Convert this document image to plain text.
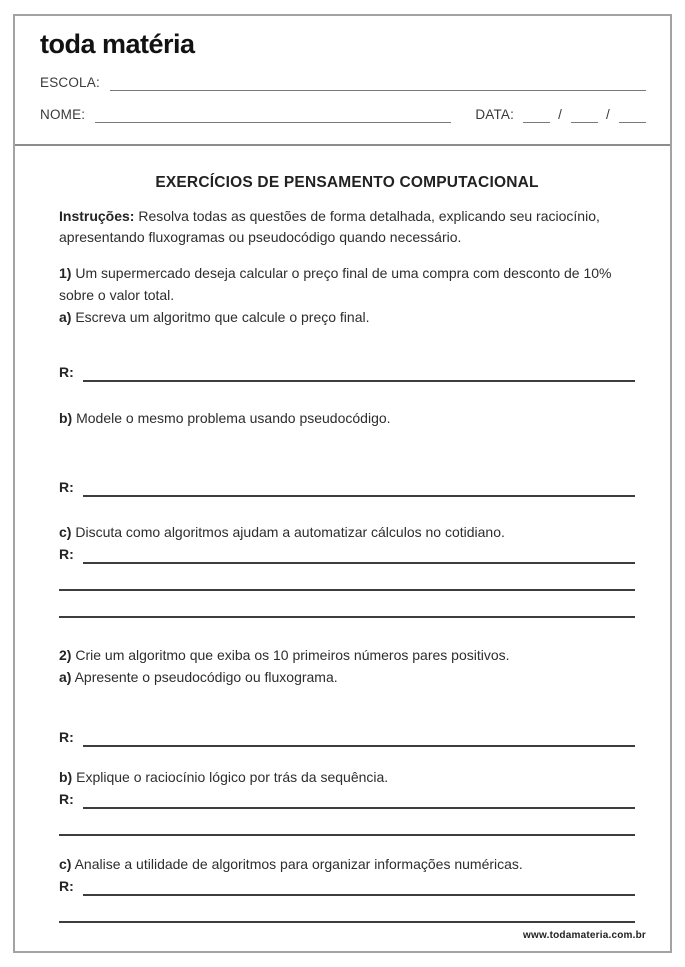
toda matéria
ESCOLA:
NOME:	DATA:	/	/
EXERCÍCIOS DE PENSAMENTO COMPUTACIONAL

Instruções: Resolva todas as questões de forma detalhada, explicando seu raciocínio, apresentando fluxogramas ou pseudocódigo quando necessário.

1) Um supermercado deseja calcular o preço final de uma compra com desconto de 10% sobre o valor total.
a) Escreva um algoritmo que calcule o preço final.
R:
b) Modele o mesmo problema usando pseudocódigo.
R:
c) Discuta como algoritmos ajudam a automatizar cálculos no cotidiano.
R:
2) Crie um algoritmo que exiba os 10 primeiros números pares positivos.
a) Apresente o pseudocódigo ou fluxograma.
R:
b) Explique o raciocínio lógico por trás da sequência.
R:
c) Analise a utilidade de algoritmos para organizar informações numéricas.
R:
www.todamateria.com.br
